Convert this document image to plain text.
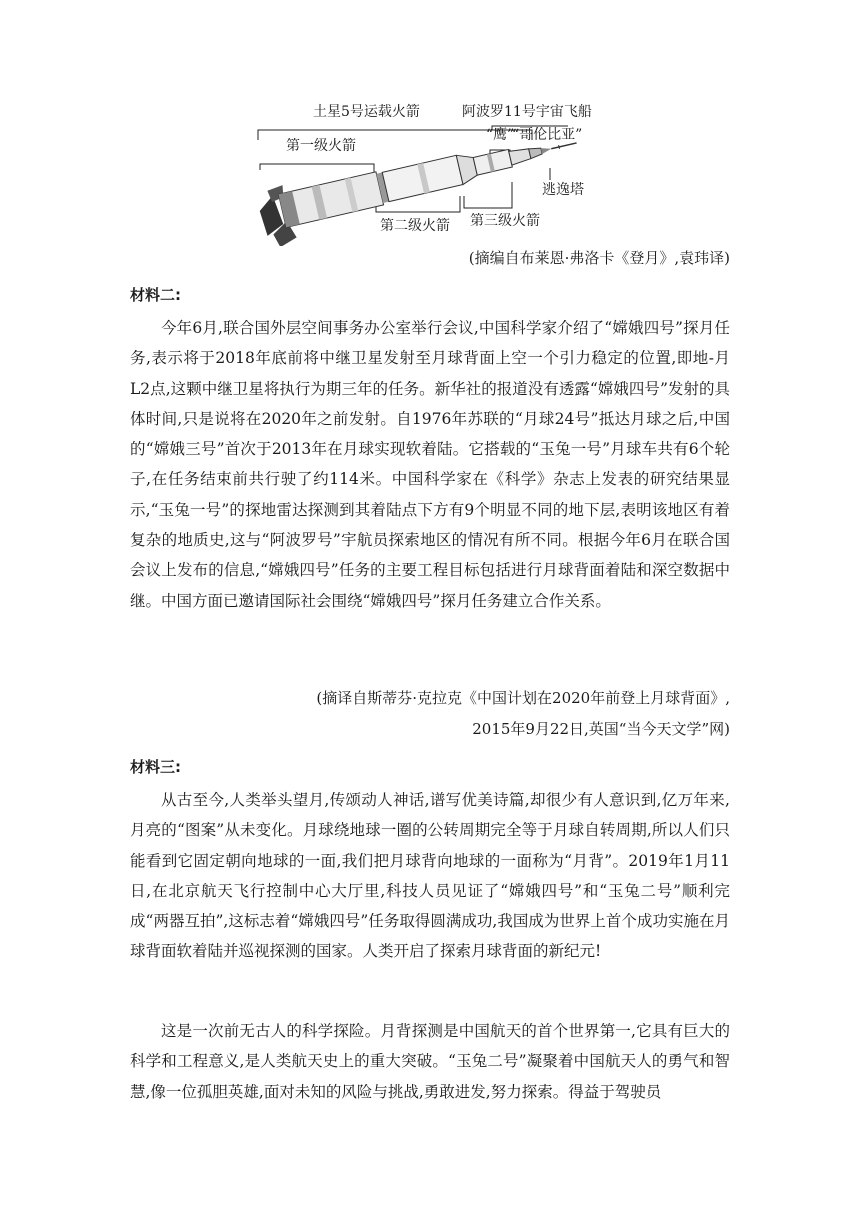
土星5号运载火箭	阿波罗11号宇宙飞船
“鹰”
“哥伦比亚”
第一级火箭
逃逸塔
第二级火箭 第三级火箭
(摘编自布莱恩·弗洛卡《登月》,袁玮译)
材料二:

今年6月,联合国外层空间事务办公室举行会议,中国科学家介绍了“嫦娥四号”探月任务,表示将于2018年底前将中继卫星发射至月球背面上空一个引力稳定的位置,即地-月L2点,这颗中继卫星将执行为期三年的任务。新华社的报道没有透露“嫦娥四号”发射的具体时间,只是说将在2020年之前发射。自1976年苏联的“月球24号”抵达月球之后,中国的“嫦娥三号”首次于2013年在月球实现软着陆。它搭载的“玉兔一号”月球车共有6个轮子,在任务结束前共行驶了约114米。中国科学家在《科学》杂志上发表的研究结果显示,“玉兔一号”的探地雷达探测到其着陆点下方有9个明显不同的地下层,表明该地区有着复杂的地质史,这与“阿波罗号”宇航员探索地区的情况有所不同。根据今年6月在联合国会议上发布的信息,“嫦娥四号”任务的主要工程目标包括进行月球背面着陆和深空数据中继。中国方面已邀请国际社会围绕“嫦娥四号”探月任务建立合作关系。

(摘译自斯蒂芬·克拉克《中国计划在2020年前登上月球背面》,
2015年9月22日,英国“当今天文学”网)
材料三:

从古至今,人类举头望月,传颂动人神话,谱写优美诗篇,却很少有人意识到,亿万年来,月亮的“图案”从未变化。月球绕地球一圈的公转周期完全等于月球自转周期,所以人们只能看到它固定朝向地球的一面,我们把月球背向地球的一面称为“月背”。2019年1月11日,在北京航天飞行控制中心大厅里,科技人员见证了“嫦娥四号”和“玉兔二号”顺利完成“两器互拍”,这标志着“嫦娥四号”任务取得圆满成功,我国成为世界上首个成功实施在月球背面软着陆并巡视探测的国家。人类开启了探索月球背面的新纪元!

这是一次前无古人的科学探险。月背探测是中国航天的首个世界第一,它具有巨大的科学和工程意义,是人类航天史上的重大突破。“玉兔二号”凝聚着中国航天人的勇气和智慧,像一位孤胆英雄,面对未知的风险与挑战,勇敢进发,努力探索。得益于驾驶员
